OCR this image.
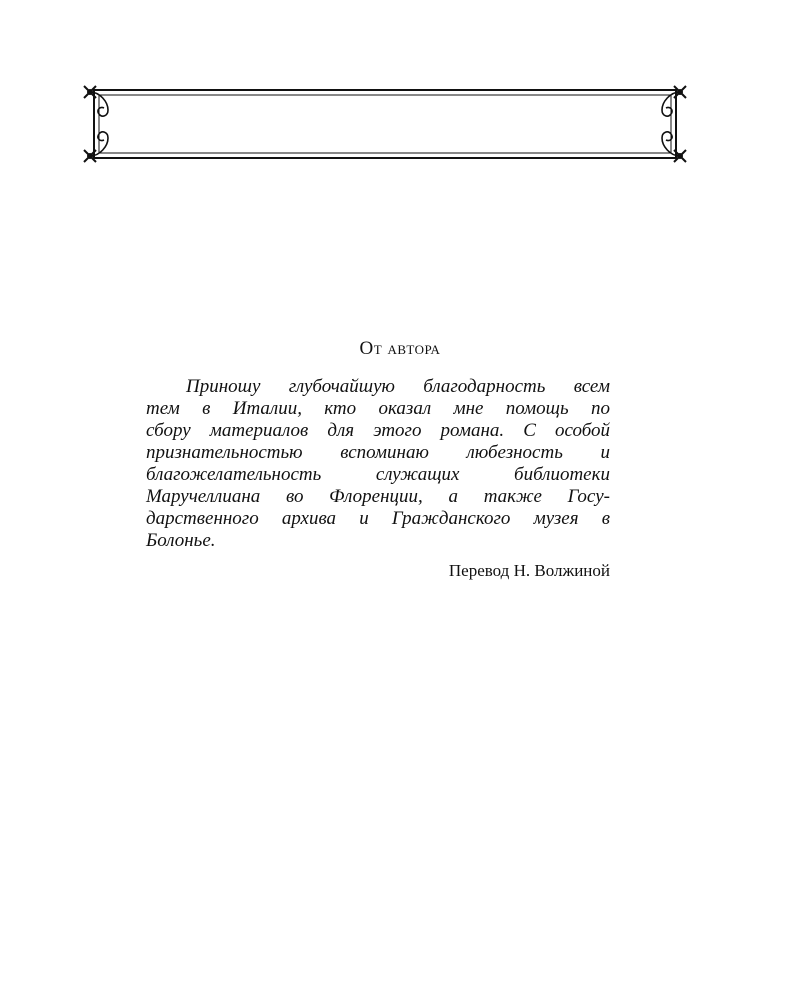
От автора

Приношу глубочайшую благодарность всем
тем в Италии, кто оказал мне помощь по
сбору материалов для этого романа. С особой
признательностью вспоминаю любезность и
благожелательность служащих библиотеки
Маручеллиана во Флоренции, а также Госу-
дарственного архива и Гражданского музея в
Болонье.

Перевод Н. Волжиной
